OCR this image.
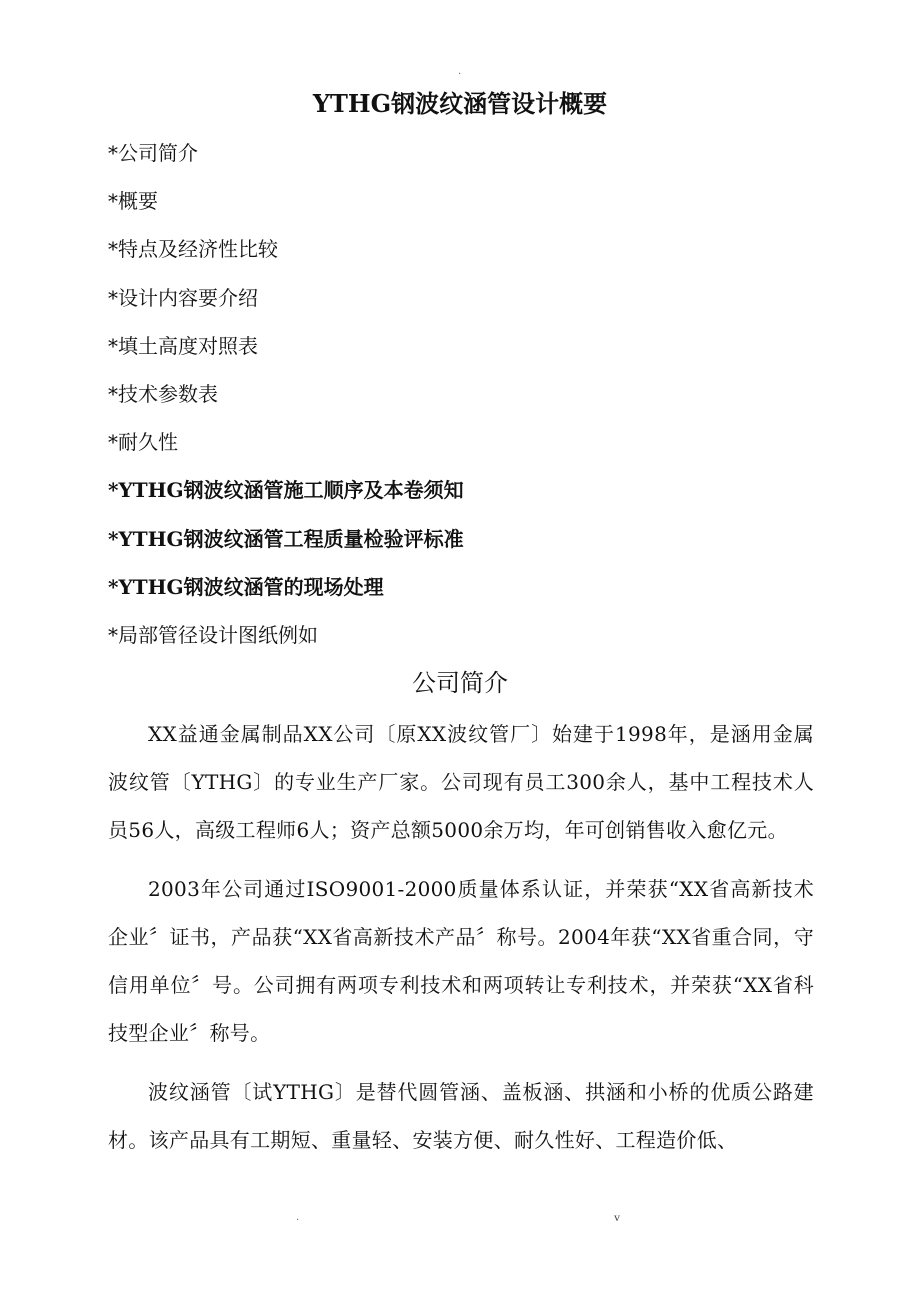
.
YTHG钢波纹涵管设计概要
*公司简介
*概要
*特点及经济性比较
*设计内容要介绍
*填土高度对照表
*技术参数表
*耐久性
*YTHG钢波纹涵管施工顺序及本卷须知
*YTHG钢波纹涵管工程质量检验评标准
*YTHG钢波纹涵管的现场处理
*局部管径设计图纸例如
公司简介

XX益通金属制品XX公司〔原XX波纹管厂〕始建于1998年，是涵用金属波纹管〔YTHG〕的专业生产厂家。公司现有员工300余人，基中工程技术人员56人，高级工程师6人；资产总额5000余万均，年可创销售收入愈亿元。

2003年公司通过ISO9001-2000质量体系认证，并荣获“XX省高新技术企业〞证书，产品获“XX省高新技术产品〞称号。2004年获“XX省重合同，守信用单位〞号。公司拥有两项专利技术和两项转让专利技术，并荣获“XX省科技型企业〞称号。

波纹涵管〔试YTHG〕是替代圆管涵、盖板涵、拱涵和小桥的优质公路建材。该产品具有工期短、重量轻、安装方便、耐久性好、工程造价低、

.	v
